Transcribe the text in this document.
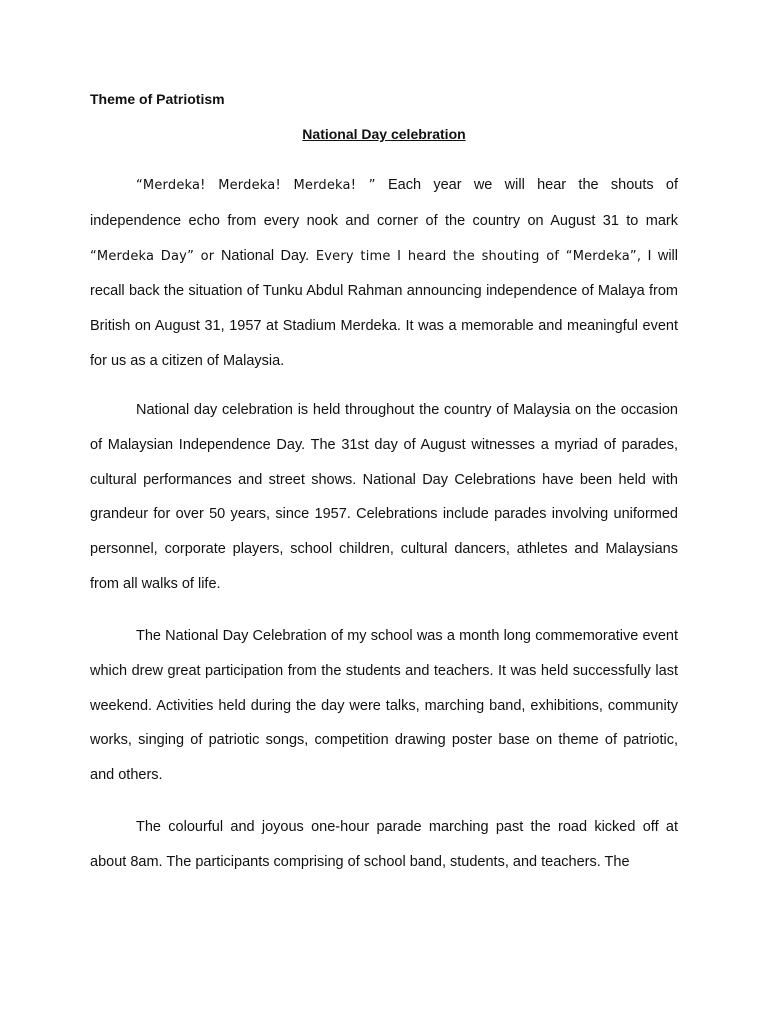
Theme of Patriotism
National Day celebration
“Merdeka! Merdeka! Merdeka! ” Each year we will hear the shouts of independence echo from every nook and corner of the country on August 31 to mark “Merdeka Day” or National Day. Every time I heard the shouting of “Merdeka”, I will recall back the situation of Tunku Abdul Rahman announcing independence of Malaya from British on August 31, 1957 at Stadium Merdeka. It was a memorable and meaningful event for us as a citizen of Malaysia.
National day celebration is held throughout the country of Malaysia on the occasion of Malaysian Independence Day. The 31st day of August witnesses a myriad of parades, cultural performances and street shows. National Day Celebrations have been held with grandeur for over 50 years, since 1957. Celebrations include parades involving uniformed personnel, corporate players, school children, cultural dancers, athletes and Malaysians from all walks of life.
The National Day Celebration of my school was a month long commemorative event which drew great participation from the students and teachers. It was held successfully last weekend. Activities held during the day were talks, marching band, exhibitions, community works, singing of patriotic songs, competition drawing poster base on theme of patriotic, and others.
The colourful and joyous one-hour parade marching past the road kicked off at about 8am. The participants comprising of school band, students, and teachers. The
